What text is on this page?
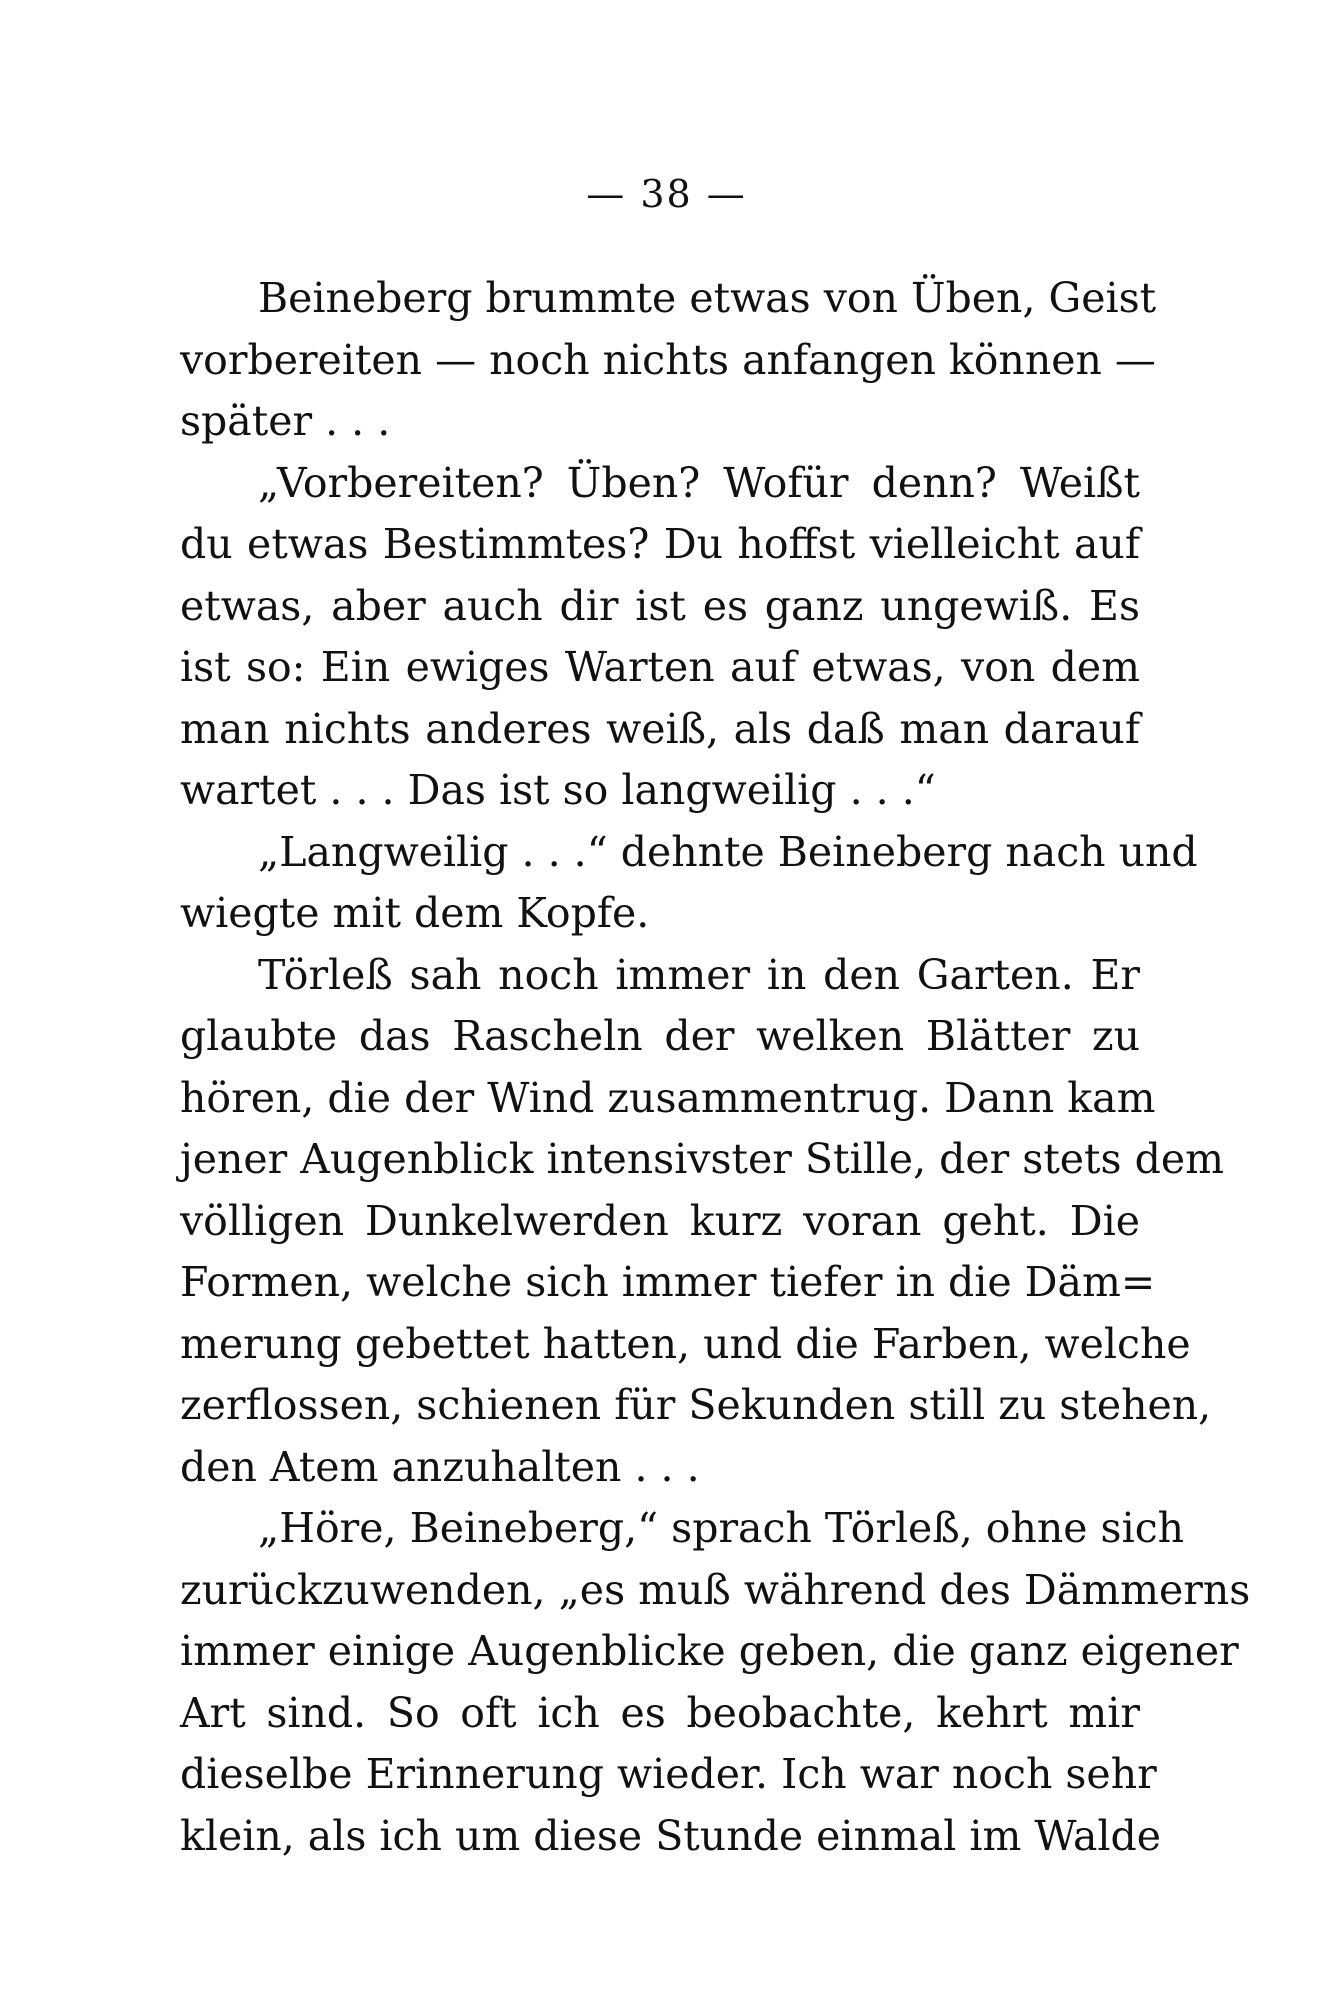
— 38 —
Beineberg brummte etwas von Üben, Geist
vorbereiten — noch nichts anfangen können —
später . . .
„Vorbereiten? Üben? Wofür denn? Weißt
du etwas Bestimmtes? Du hoffst vielleicht auf
etwas, aber auch dir ist es ganz ungewiß. Es
ist so: Ein ewiges Warten auf etwas, von dem
man nichts anderes weiß, als daß man darauf
wartet . . . Das ist so langweilig . . .“
„Langweilig . . .“ dehnte Beineberg nach und
wiegte mit dem Kopfe.
Törleß sah noch immer in den Garten. Er
glaubte das Rascheln der welken Blätter zu
hören, die der Wind zusammentrug. Dann kam
jener Augenblick intensivster Stille, der stets dem
völligen Dunkelwerden kurz voran geht. Die
Formen, welche sich immer tiefer in die Däm=
merung gebettet hatten, und die Farben, welche
zerflossen, schienen für Sekunden still zu stehen,
den Atem anzuhalten . . .
„Höre, Beineberg,“ sprach Törleß, ohne sich
zurückzuwenden, „es muß während des Dämmerns
immer einige Augenblicke geben, die ganz eigener
Art sind. So oft ich es beobachte, kehrt mir
dieselbe Erinnerung wieder. Ich war noch sehr
klein, als ich um diese Stunde einmal im Walde
